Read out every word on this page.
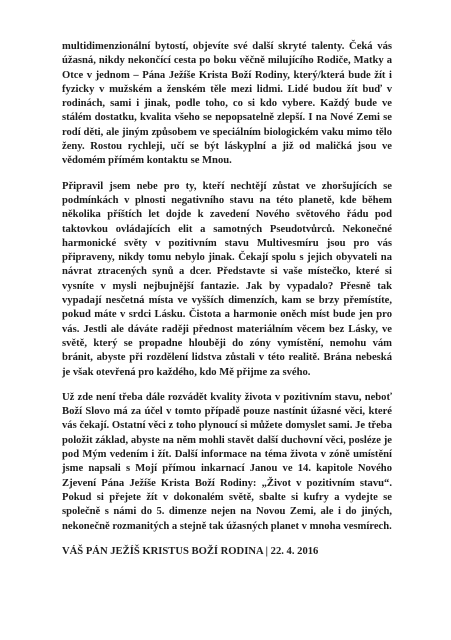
multidimenzionální bytostí, objevíte své další skryté talenty. Čeká vás úžasná, nikdy nekončící cesta po boku věčně milujícího Rodiče, Matky a Otce v jednom – Pána Ježíše Krista Boží Rodiny, který/která bude žít i fyzicky v mužském a ženském těle mezi lidmi. Lidé budou žít buď v rodinách, sami i jinak, podle toho, co si kdo vybere. Každý bude ve stálém dostatku, kvalita všeho se nepopsatelně zlepší. I na Nové Zemi se rodí děti, ale jiným způsobem ve speciálním biologickém vaku mimo tělo ženy. Rostou rychleji, učí se být láskyplní a již od maličká jsou ve vědomém přímém kontaktu se Mnou.

Připravil jsem nebe pro ty, kteří nechtějí zůstat ve zhoršujících se podmínkách v plnosti negativního stavu na této planetě, kde během několika příštích let dojde k zavedení Nového světového řádu pod taktovkou ovládajících elit a samotných Pseudotvůrců. Nekonečné harmonické světy v pozitivním stavu Multivesmíru jsou pro vás připraveny, nikdy tomu nebylo jinak. Čekají spolu s jejich obyvateli na návrat ztracených synů a dcer. Představte si vaše místečko, které si vysníte v mysli nejbujnější fantazie. Jak by vypadalo? Přesně tak vypadají nesčetná místa ve vyšších dimenzích, kam se brzy přemístíte, pokud máte v srdci Lásku. Čistota a harmonie oněch míst bude jen pro vás. Jestli ale dáváte raději přednost materiálním věcem bez Lásky, ve světě, který se propadne hlouběji do zóny vymístění, nemohu vám bránit, abyste při rozdělení lidstva zůstali v této realitě. Brána nebeská je však otevřená pro každého, kdo Mě přijme za svého.

Už zde není třeba dále rozvádět kvality života v pozitivním stavu, neboť Boží Slovo má za účel v tomto případě pouze nastínit úžasné věci, které vás čekají. Ostatní věci z toho plynoucí si můžete domyslet sami. Je třeba položit základ, abyste na něm mohli stavět další duchovní věci, posléze je pod Mým vedením i žít. Další informace na téma života v zóně umístění jsme napsali s Mojí přímou inkarnací Janou ve 14. kapitole Nového Zjevení Pána Ježíše Krista Boží Rodiny: „Život v pozitivním stavu“. Pokud si přejete žít v dokonalém světě, sbalte si kufry a vydejte se společně s námi do 5. dimenze nejen na Novou Zemi, ale i do jiných, nekonečně rozmanitých a stejně tak úžasných planet v mnoha vesmírech.

VÁŠ PÁN JEŽÍŠ KRISTUS BOŽÍ RODINA | 22. 4. 2016
